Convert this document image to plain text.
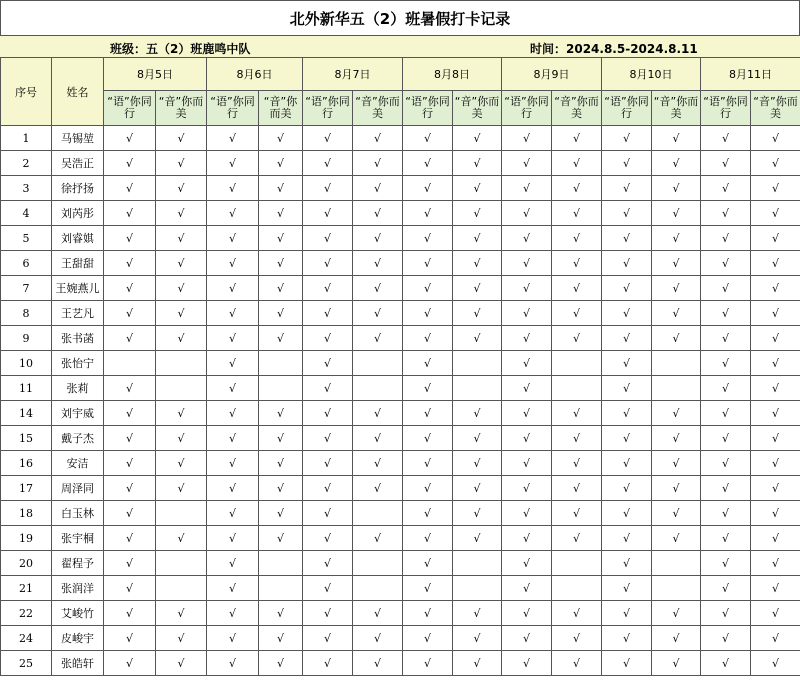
北外新华五（2）班暑假打卡记录
班级：五（2）班鹿鸣中队	时间：2024.8.5-2024.8.11
序号	姓名	8月5日		8月6日		8月7日		8月8日		8月9日		8月10日		8月11日	
		“语”你同行	“音”你而美	“语”你同行	“音”你而美	“语”你同行	“音”你而美	“语”你同行	“音”你而美	“语”你同行	“音”你而美	“语”你同行	“音”你而美	“语”你同行	“音”你而美
1	马锡堃	√	√	√	√	√	√	√	√	√	√	√	√	√	√
2	吴浩正	√	√	√	√	√	√	√	√	√	√	√	√	√	√
3	徐抒扬	√	√	√	√	√	√	√	√	√	√	√	√	√	√
4	刘芮彤	√	√	√	√	√	√	√	√	√	√	√	√	√	√
5	刘睿娸	√	√	√	√	√	√	√	√	√	√	√	√	√	√
6	王甜甜	√	√	√	√	√	√	√	√	√	√	√	√	√	√
7	王婉燕儿	√	√	√	√	√	√	√	√	√	√	√	√	√	√
8	王艺凡	√	√	√	√	√	√	√	√	√	√	√	√	√	√
9	张书菡	√	√	√	√	√	√	√	√	√	√	√	√	√	√
10	张怡宁			√		√		√		√		√		√	√
11	张莉	√		√		√		√		√		√		√	√
14	刘宇威	√	√	√	√	√	√	√	√	√	√	√	√	√	√
15	戴子杰	√	√	√	√	√	√	√	√	√	√	√	√	√	√
16	安洁	√	√	√	√	√	√	√	√	√	√	√	√	√	√
17	周泽同	√	√	√	√	√	√	√	√	√	√	√	√	√	√
18	白玉林	√		√	√	√		√	√	√	√	√	√	√	√
19	张宇桐	√	√	√	√	√	√	√	√	√	√	√	√	√	√
20	翟程予	√		√		√		√		√		√		√	√
21	张润洋	√		√		√		√		√		√		√	√
22	艾峻竹	√	√	√	√	√	√	√	√	√	√	√	√	√	√
24	皮峻宇	√	√	√	√	√	√	√	√	√	√	√	√	√	√
25	张皓轩	√	√	√	√	√	√	√	√	√	√	√	√	√	√
